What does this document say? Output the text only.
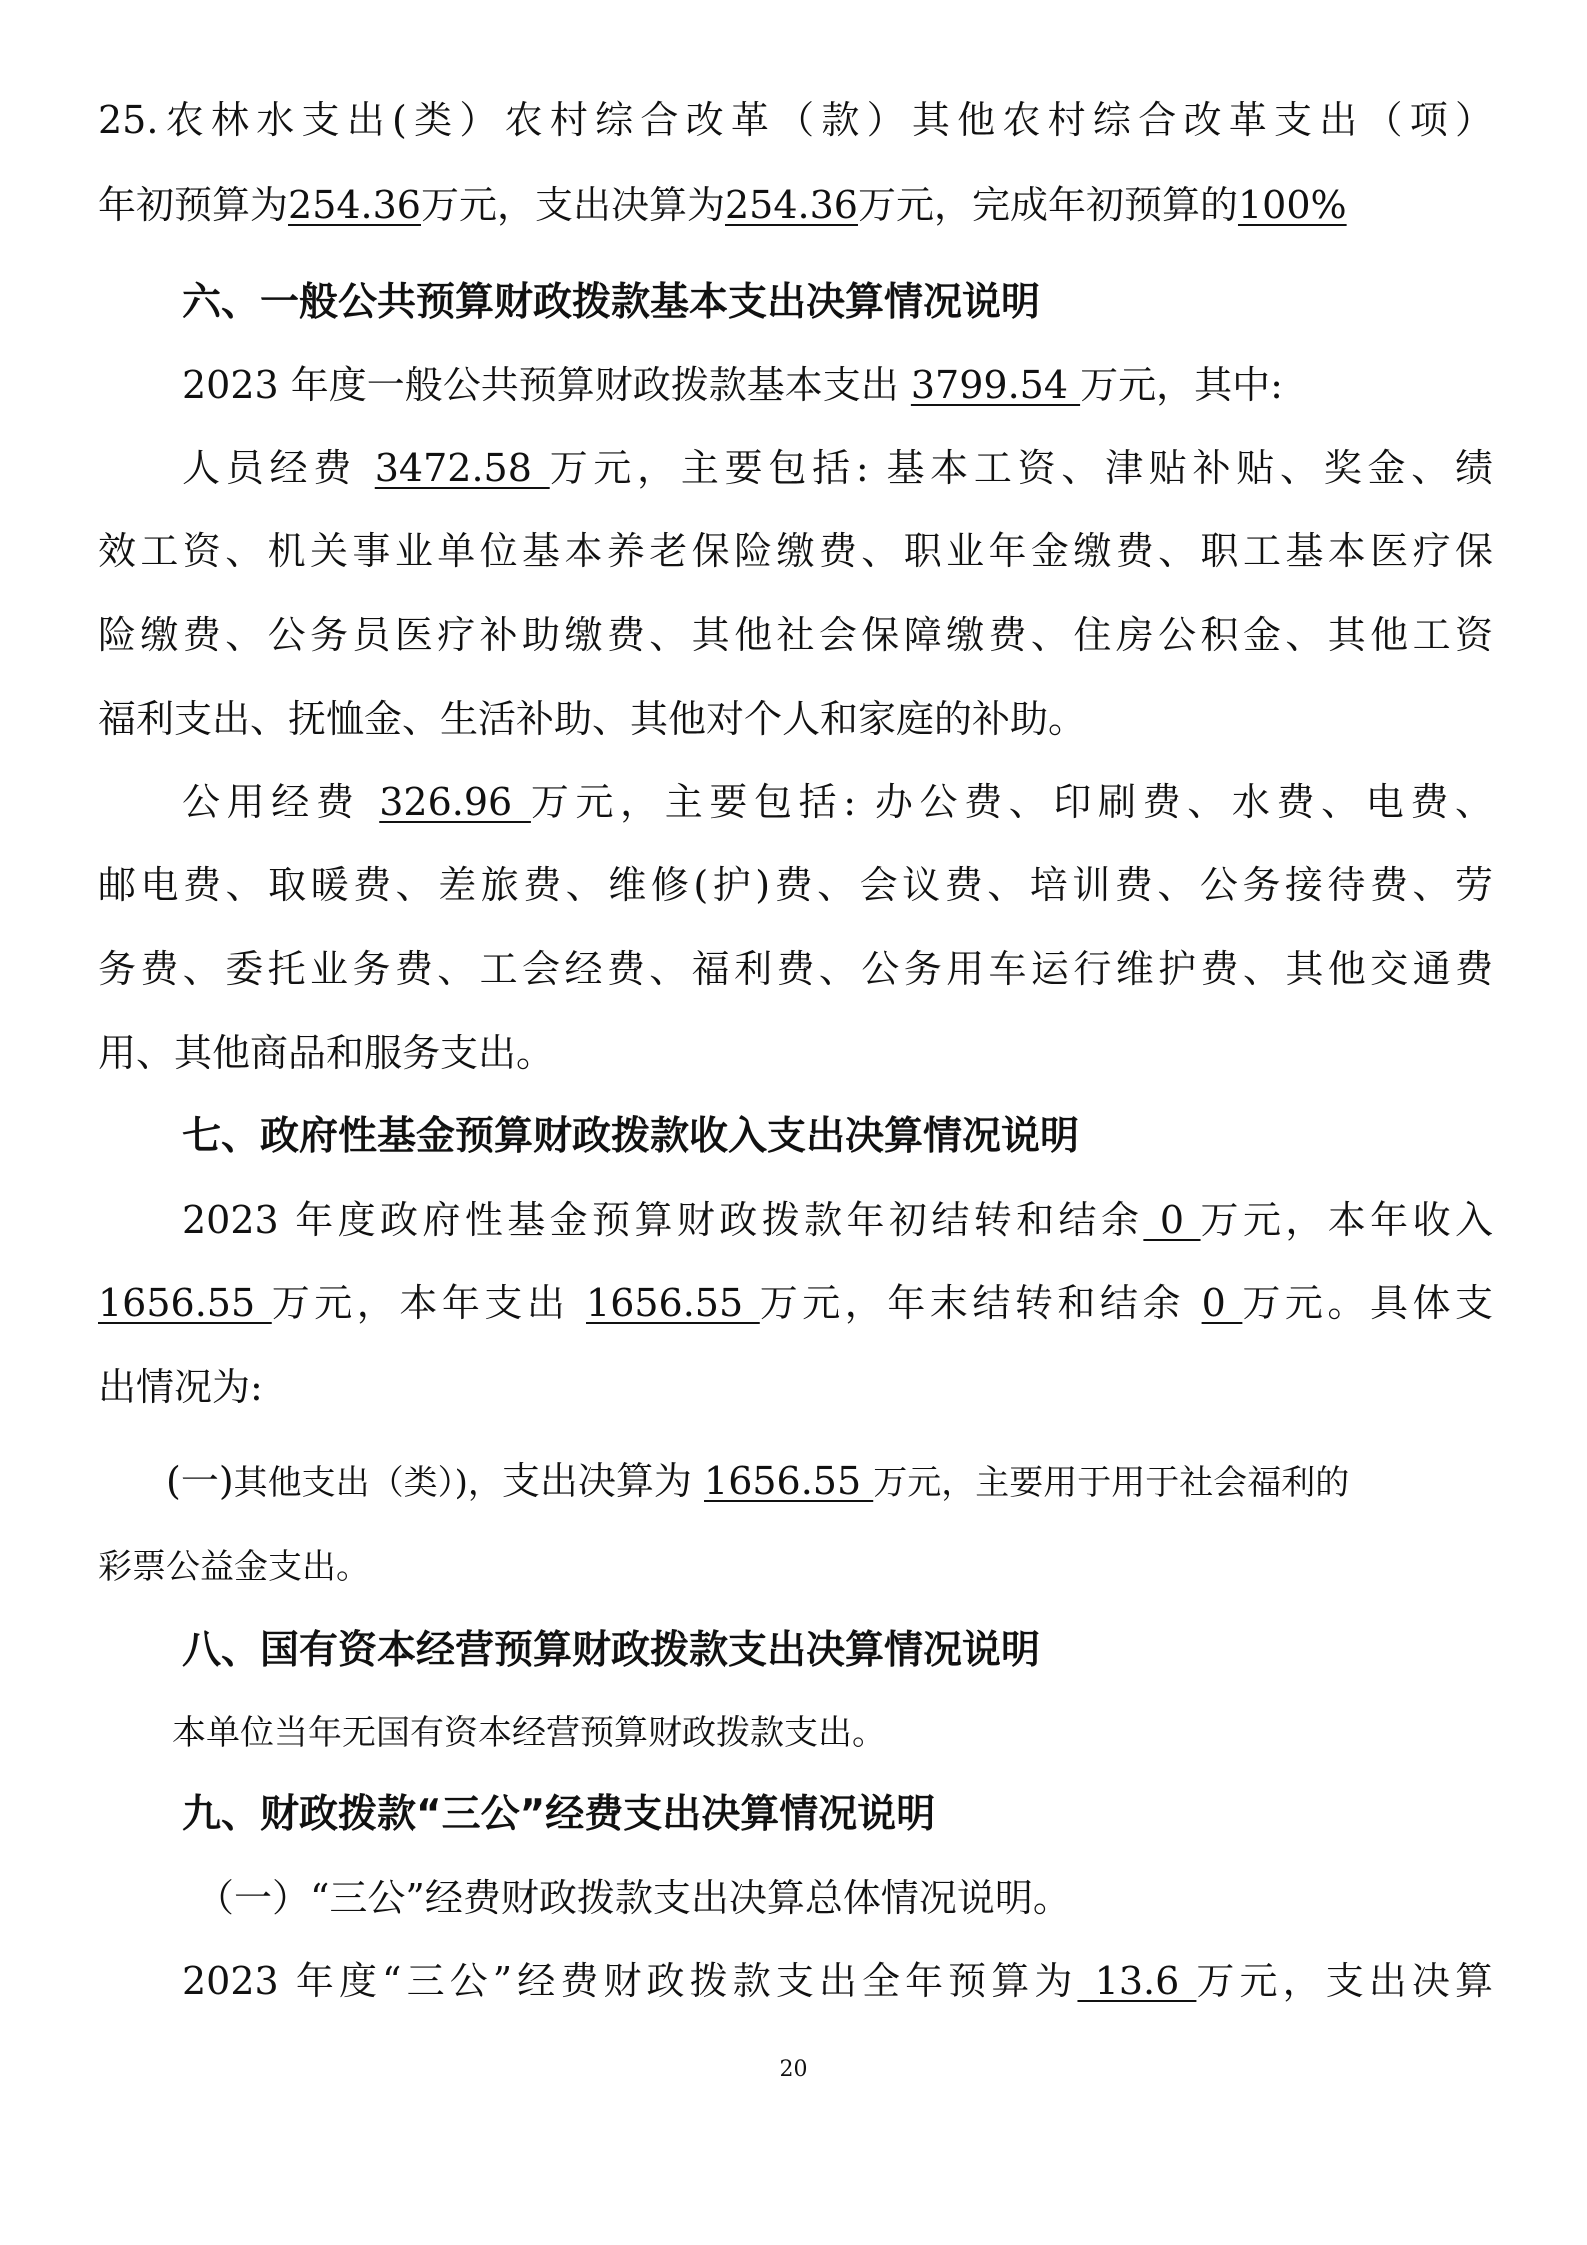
25.农林水支出(类）农村综合改革（款）其他农村综合改革支出（项）
年初预算为254.36万元，支出决算为254.36万元，完成年初预算的100%
六、一般公共预算财政拨款基本支出决算情况说明
2023 年度一般公共预算财政拨款基本支出 3799.54 万元，其中:
人员经费 3472.58 万元，主要包括: 基本工资、津贴补贴、奖金、绩
效工资、机关事业单位基本养老保险缴费、职业年金缴费、职工基本医疗保
险缴费、公务员医疗补助缴费、其他社会保障缴费、住房公积金、其他工资
福利支出、抚恤金、生活补助、其他对个人和家庭的补助。
公用经费 326.96 万元，主要包括: 办公费、印刷费、水费、电费、
邮电费、取暖费、差旅费、维修(护)费、会议费、培训费、公务接待费、劳
务费、委托业务费、工会经费、福利费、公务用车运行维护费、其他交通费
用、其他商品和服务支出。
七、政府性基金预算财政拨款收入支出决算情况说明
2023 年度政府性基金预算财政拨款年初结转和结余 0 万元，本年收入
1656.55 万元，本年支出 1656.55 万元，年末结转和结余 0 万元。具体支
出情况为:
(一)其他支出（类）)，支出决算为 1656.55 万元，主要用于用于社会福利的
彩票公益金支出。
八、国有资本经营预算财政拨款支出决算情况说明
本单位当年无国有资本经营预算财政拨款支出。
九、财政拨款“三公”经费支出决算情况说明
（一）“三公”经费财政拨款支出决算总体情况说明。
2023 年度“三公”经费财政拨款支出全年预算为 13.6 万元，支出决算
20
